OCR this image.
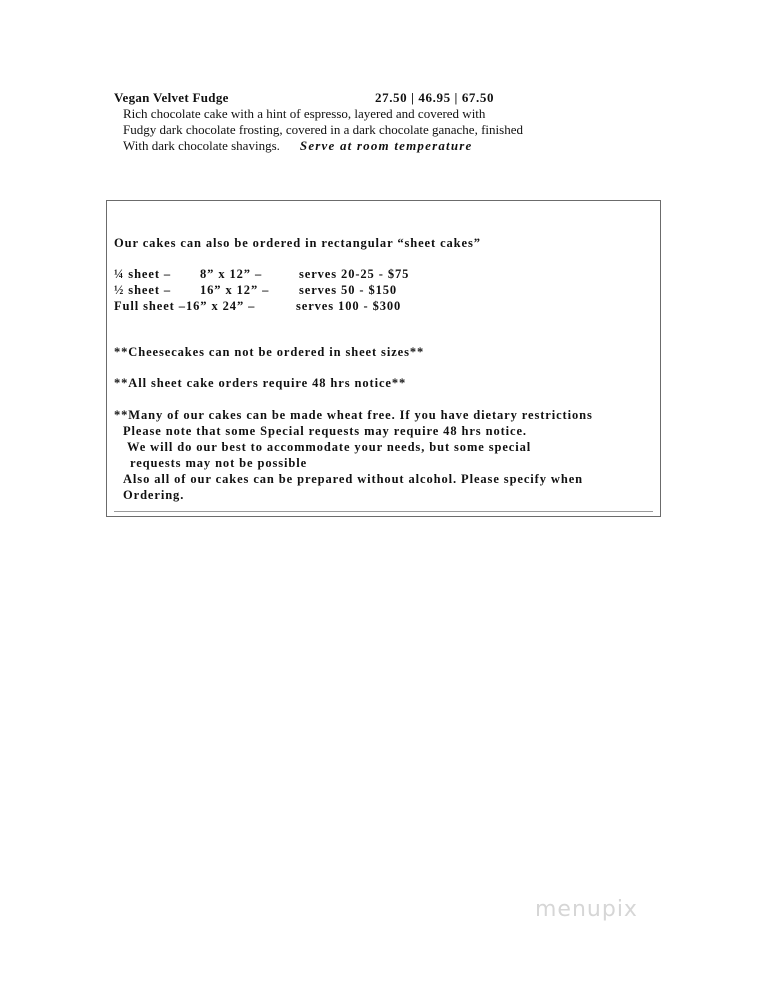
Vegan Velvet Fudge	27.50 | 46.95 | 67.50
Rich chocolate cake with a hint of espresso, layered and covered with
Fudgy dark chocolate frosting, covered in a dark chocolate ganache, finished
With dark chocolate shavings. Serve at room temperature
Our cakes can also be ordered in rectangular “sheet cakes”
¼ sheet – 8” x 12” –	serves 20-25 - $75
½ sheet – 16” x 12” – serves 50 - $150
Full sheet – 16” x 24” –	serves 100 - $300
**Cheesecakes can not be ordered in sheet sizes**
**All sheet cake orders require 48 hrs notice**
**Many of our cakes can be made wheat free. If you have dietary restrictions
Please note that some Special requests may require 48 hrs notice.
We will do our best to accommodate your needs, but some special
requests may not be possible
Also all of our cakes can be prepared without alcohol. Please specify when
Ordering.
menupix
